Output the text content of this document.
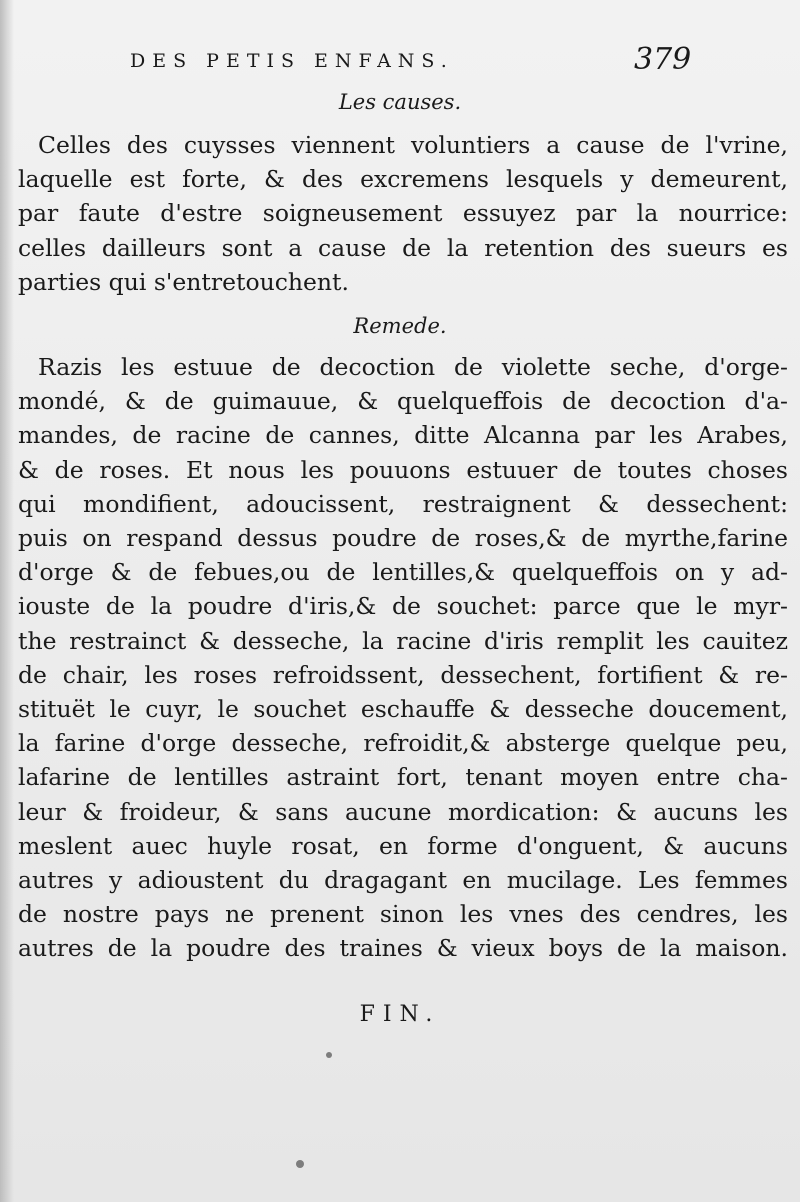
DES PETIS ENFANS.	379
Les causes.
Celles des cuysses viennent voluntiers a cause de l'vrine,
laquelle est forte, & des excremens lesquels y demeurent,
par faute d'estre soigneusement essuyez par la nourrice:
celles dailleurs sont a cause de la retention des sueurs es
parties qui s'entretouchent.
Remede.
Razis les estuue de decoction de violette seche, d'orge-
mondé, & de guimauue, & quelqueffois de decoction d'a-
mandes, de racine de cannes, ditte Alcanna par les Arabes,
& de roses. Et nous les pouuons estuuer de toutes choses
qui mondifient, adoucissent, restraignent & dessechent:
puis on respand dessus poudre de roses,& de myrthe,farine
d'orge & de febues,ou de lentilles,& quelqueffois on y ad-
iouste de la poudre d'iris,& de souchet: parce que le myr-
the restrainct & desseche, la racine d'iris remplit les cauitez
de chair, les roses refroidssent, dessechent, fortifient & re-
stituët le cuyr, le souchet eschauffe & desseche doucement,
la farine d'orge desseche, refroidit,& absterge quelque peu,
lafarine de lentilles astraint fort, tenant moyen entre cha-
leur & froideur, & sans aucune mordication: & aucuns les
meslent auec huyle rosat, en forme d'onguent, & aucuns
autres y adioustent du dragagant en mucilage. Les femmes
de nostre pays ne prenent sinon les vnes des cendres, les
autres de la poudre des traines & vieux boys de la maison.
FIN.
